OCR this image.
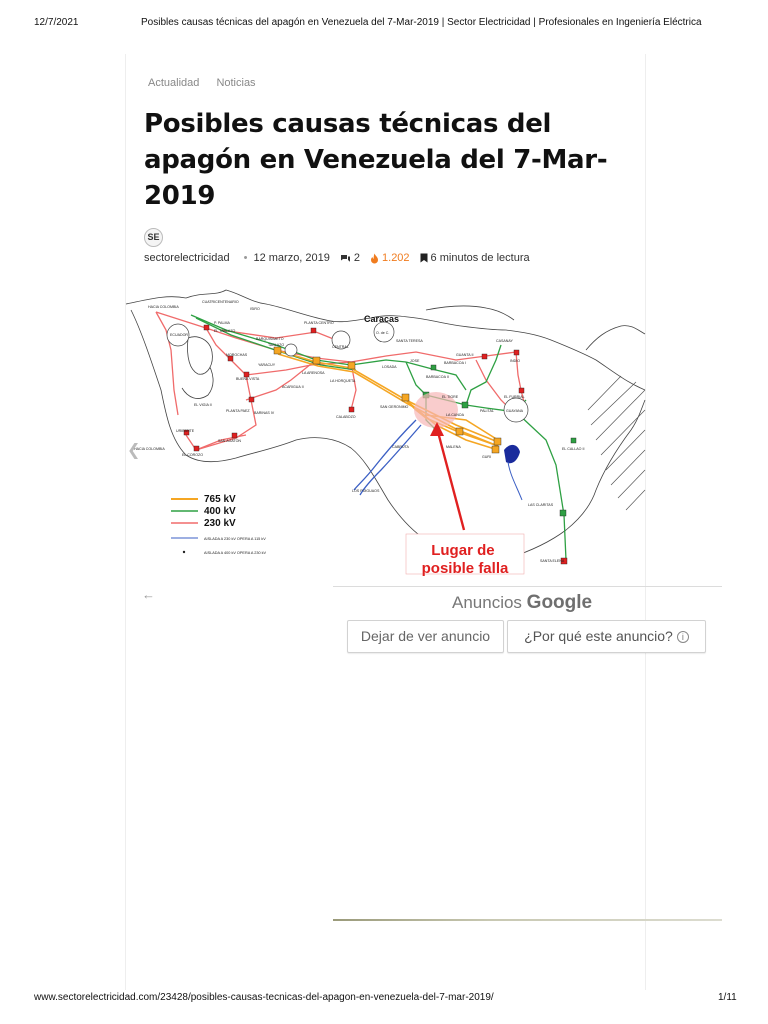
12/7/2021	Posibles causas técnicas del apagón en Venezuela del 7-Mar-2019 | Sector Electricidad | Profesionales en Ingeniería Eléctrica
Actualidad Noticias
Posibles causas técnicas del apagón en Venezuela del 7-Mar-2019
SE
sectorelectricidad • 12 marzo, 2019 2 1.202 6 minutos de lectura
HACIA COLOMBIA
CUATRICENTENARIO
ISIRO
PLANTA CENTRO
P. PALMA
EL TABLAZO
ECUADOR
BARQUISIMETO
YARACUY
MOROCHAS
LA ARENOSA
CENTRAL
LA HORQUETA
CALABOZO
ACARIGUA II
BUENA VISTA
PLANTA PAEZ BARINAS IV
EL VIGIA II
URIBANTE
SAN AGATON
EL COROZO
HACIA COLOMBIA
SAN GERONIMO
CABRUTA
LOS PIJIGUAOS
JOSE	BARBACOA I
BARBACOA II
GUANTA II
CASANAY
INDIO
EL FURRIAL
PALITAL	GUAYANA
LA CANOA
MALENA
GURI
EL CALLAO II
LAS CLARITAS
SANTA ELENA
SANTA TERESA
O. de C.
EL TIGRE
LOSADA
TABLAZO
Caracas
765 kV
400 kV
230 kV
AISLADA A 230 kV OPERA A 115 kV
AISLADA A 400 kV OPERA A 230 kV	Lugar de posible falla
❮
←	Anuncios Google
Dejar de ver anuncio	¿Por qué este anuncio? i
www.sectorelectricidad.com/23428/posibles-causas-tecnicas-del-apagon-en-venezuela-del-7-mar-2019/	1/11
